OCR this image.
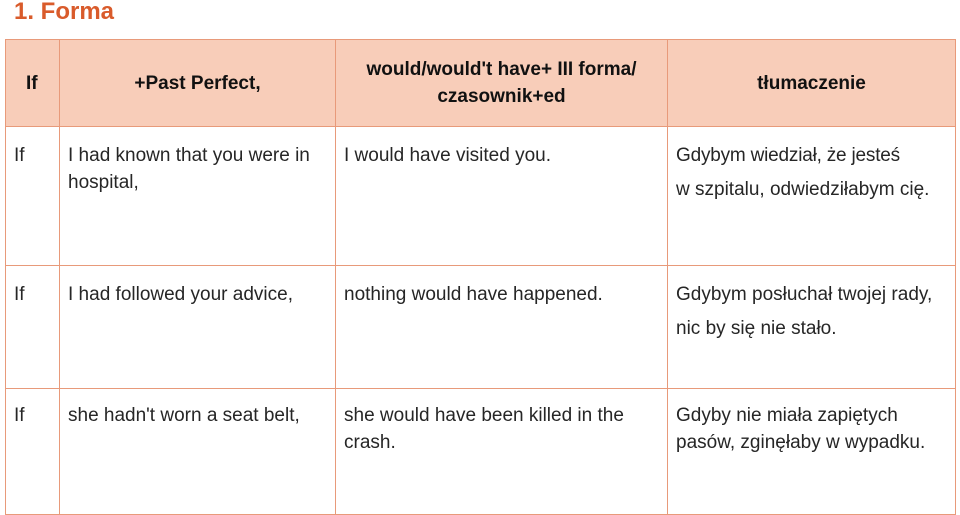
1. Forma
If	+Past Perfect,	would/would't have+ III forma/ czasownik+ed	tłumaczenie
If	I had known that you were in hospital,	I would have visited you.	Gdybym wiedział, że jesteś
w szpitalu, odwiedziłabym cię.

If	I had followed your advice,	nothing would have happened.	Gdybym posłuchał twojej rady,
nic by się nie stało.

If	she hadn't worn a seat belt,	she would have been killed in the crash.	Gdyby nie miała zapiętych pasów, zginęłaby w wypadku.
